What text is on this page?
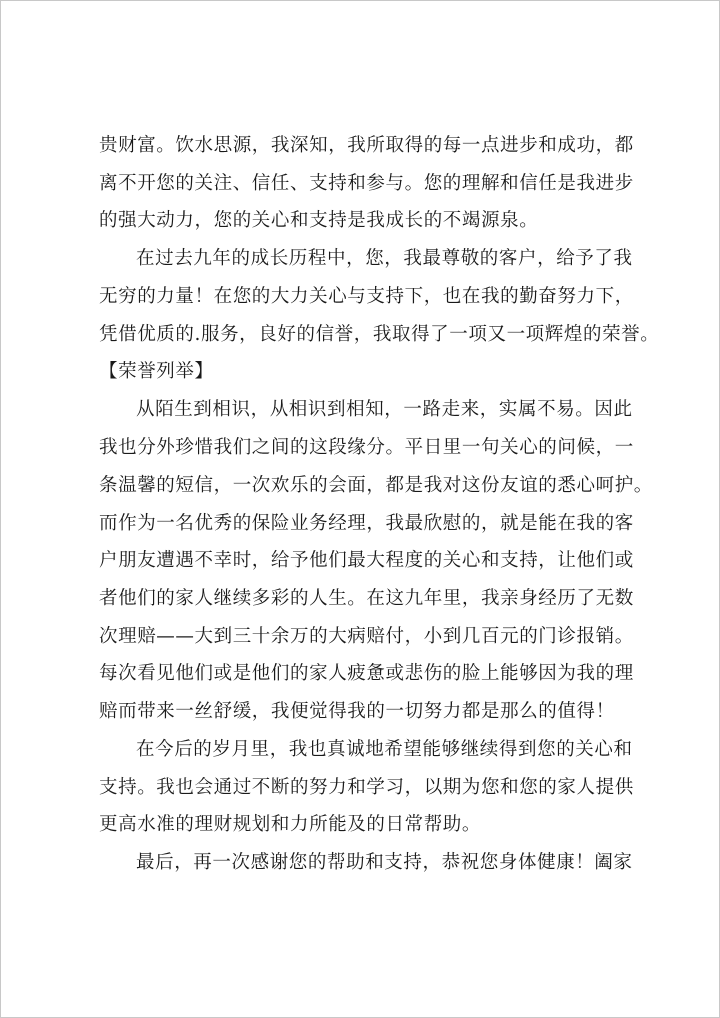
贵财富。饮水思源，我深知，我所取得的每一点进步和成功，都
离不开您的关注、信任、支持和参与。您的理解和信任是我进步
的强大动力，您的关心和支持是我成长的不竭源泉。
在过去九年的成长历程中，您，我最尊敬的客户，给予了我
无穷的力量！在您的大力关心与支持下，也在我的勤奋努力下，
凭借优质的.服务，良好的信誉，我取得了一项又一项辉煌的荣誉。
【荣誉列举】
从陌生到相识，从相识到相知，一路走来，实属不易。因此
我也分外珍惜我们之间的这段缘分。平日里一句关心的问候，一
条温馨的短信，一次欢乐的会面，都是我对这份友谊的悉心呵护。
而作为一名优秀的保险业务经理，我最欣慰的，就是能在我的客
户朋友遭遇不幸时，给予他们最大程度的关心和支持，让他们或
者他们的家人继续多彩的人生。在这九年里，我亲身经历了无数
次理赔——大到三十余万的大病赔付，小到几百元的门诊报销。
每次看见他们或是他们的家人疲惫或悲伤的脸上能够因为我的理
赔而带来一丝舒缓，我便觉得我的一切努力都是那么的值得！
在今后的岁月里，我也真诚地希望能够继续得到您的关心和
支持。我也会通过不断的努力和学习，以期为您和您的家人提供
更高水准的理财规划和力所能及的日常帮助。
最后，再一次感谢您的帮助和支持，恭祝您身体健康！阖家
